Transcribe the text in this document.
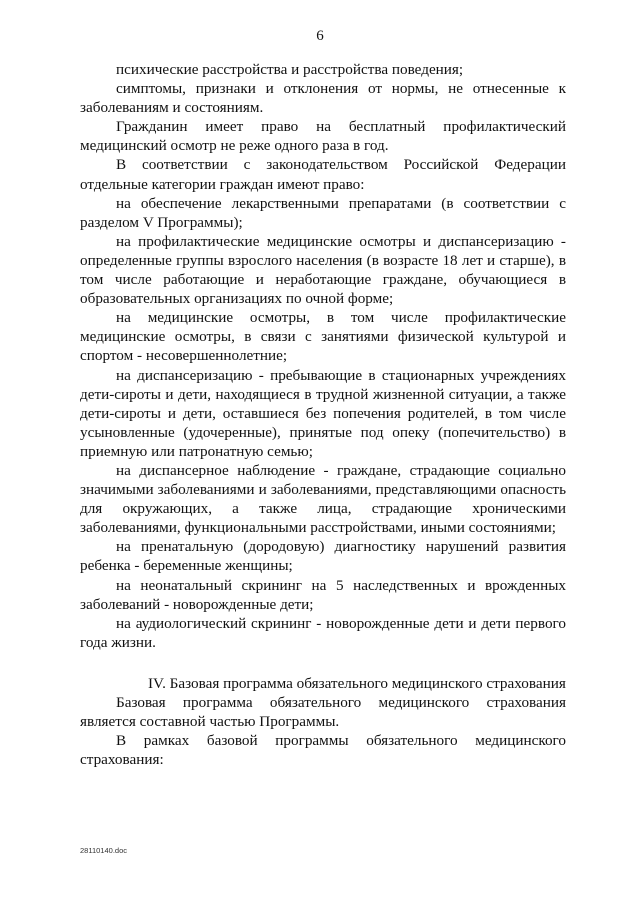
6

психические расстройства и расстройства поведения;

симптомы, признаки и отклонения от нормы, не отнесенные к заболеваниям и состояниям.

Гражданин имеет право на бесплатный профилактический медицинский осмотр не реже одного раза в год.

В соответствии с законодательством Российской Федерации отдельные категории граждан имеют право:

на обеспечение лекарственными препаратами (в соответствии с разделом V Программы);

на профилактические медицинские осмотры и диспансеризацию - определенные группы взрослого населения (в возрасте 18 лет и старше), в том числе работающие и неработающие граждане, обучающиеся в образовательных организациях по очной форме;

на медицинские осмотры, в том числе профилактические медицинские осмотры, в связи с занятиями физической культурой и спортом - несовершеннолетние;

на диспансеризацию - пребывающие в стационарных учреждениях дети-сироты и дети, находящиеся в трудной жизненной ситуации, а также дети-сироты и дети, оставшиеся без попечения родителей, в том числе усыновленные (удочеренные), принятые под опеку (попечительство) в приемную или патронатную семью;

на диспансерное наблюдение - граждане, страдающие социально значимыми заболеваниями и заболеваниями, представляющими опасность для окружающих, а также лица, страдающие хроническими заболеваниями, функциональными расстройствами, иными состояниями;

на пренатальную (дородовую) диагностику нарушений развития ребенка - беременные женщины;

на неонатальный скрининг на 5 наследственных и врожденных заболеваний - новорожденные дети;

на аудиологический скрининг - новорожденные дети и дети первого года жизни.

IV. Базовая программа обязательного медицинского страхования

Базовая программа обязательного медицинского страхования является составной частью Программы.

В рамках базовой программы обязательного медицинского страхования:

28110140.doc
